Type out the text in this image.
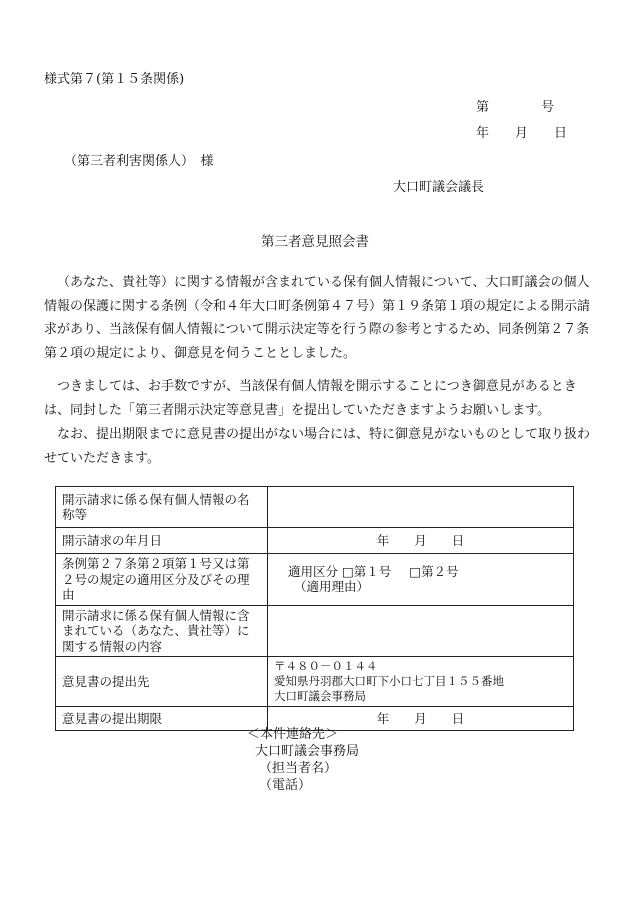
様式第７(第１５条関係)
第　　　　号
年　　月　　日
（第三者利害関係人）　様
大口町議会議長
第三者意見照会書

（あなた、貴社等）に関する情報が含まれている保有個人情報について、大口町議会の個人情報の保護に関する条例（令和４年大口町条例第４７号）第１９条第１項の規定による開示請求があり、当該保有個人情報について開示決定等を行う際の参考とするため、同条例第２７条第２項の規定により、御意見を伺うこととしました。

つきましては、お手数ですが、当該保有個人情報を開示することにつき御意見があるときは、同封した「第三者開示決定等意見書」を提出していただきますようお願いします。

なお、提出期限までに意見書の提出がない場合には、特に御意見がないものとして取り扱わせていただきます。

開示請求に係る保有個人情報の名称等	
開示請求の年月日	年　　月　　日
条例第２７条第２項第１号又は第２号の規定の適用区分及びその理由	適用区分 □第１号 □第２号
（適用理由）

開示請求に係る保有個人情報に含まれている（あなた、貴社等）に関する情報の内容	
意見書の提出先	〒４８０－０１４４
愛知県丹羽郡大口町下小口七丁目１５５番地
大口町議会事務局

意見書の提出期限	年　　月　　日
＜本件連絡先＞
大口町議会事務局
（担当者名）
（電話）
